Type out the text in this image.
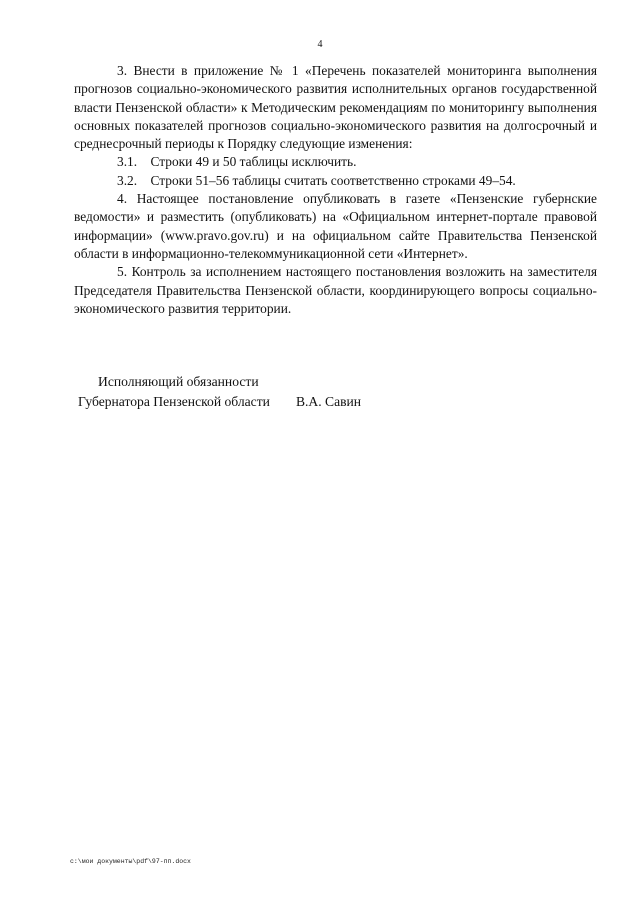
4

3. Внести в приложение № 1 «Перечень показателей мониторинга выполнения прогнозов социально-экономического развития исполнительных органов государственной власти Пензенской области» к Методическим рекомендациям по мониторингу выполнения основных показателей прогнозов социально-экономического развития на долгосрочный и среднесрочный периоды к Порядку следующие изменения:

3.1. Строки 49 и 50 таблицы исключить.

3.2. Строки 51–56 таблицы считать соответственно строками 49–54.

4. Настоящее постановление опубликовать в газете «Пензенские губернские ведомости» и разместить (опубликовать) на «Официальном интернет-портале правовой информации» (www.pravo.gov.ru) и на официальном сайте Правительства Пензенской области в информационно-телекоммуникационной сети «Интернет».

5. Контроль за исполнением настоящего постановления возложить на заместителя Председателя Правительства Пензенской области, координирующего вопросы социально-экономического развития территории.

Исполняющий обязанности
Губернатора Пензенской области В.А. Савин
c:\мои документы\pdf\97-пп.docx
